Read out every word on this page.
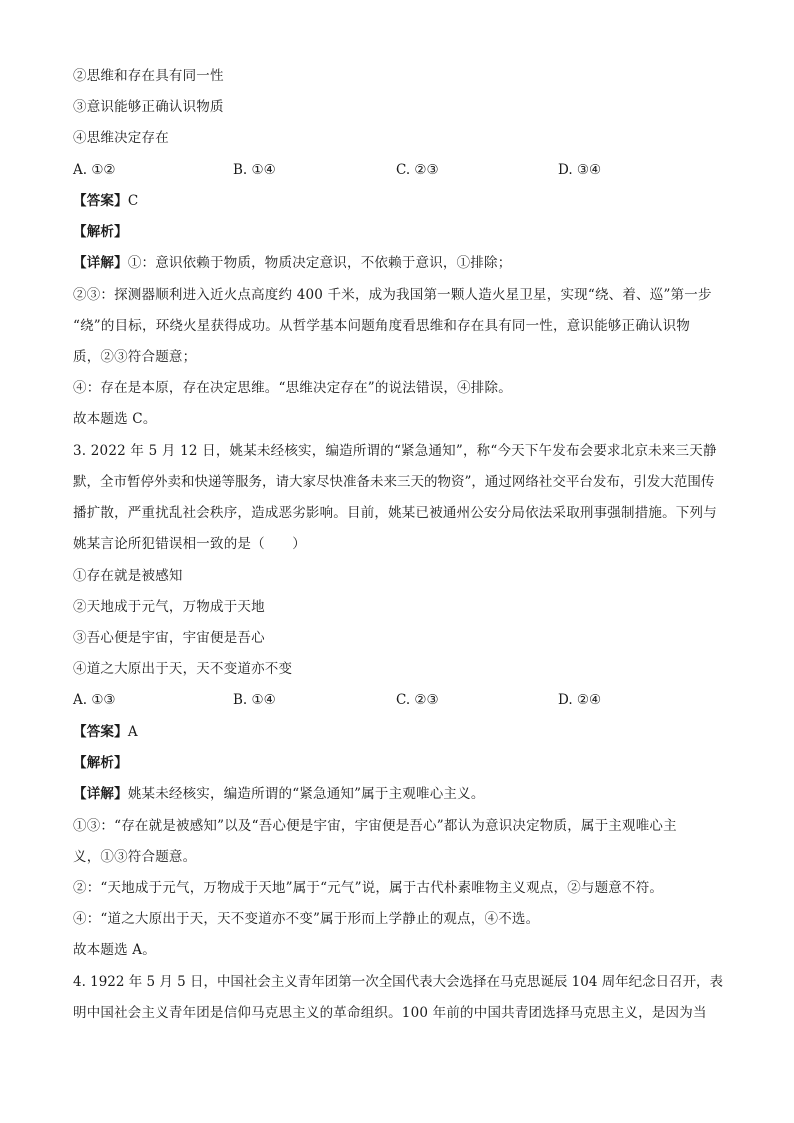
②思维和存在具有同一性
③意识能够正确认识物质
④思维决定存在
A. ①②	B. ①④	C. ②③	D. ③④
【答案】C
【解析】
【详解】①：意识依赖于物质，物质决定意识，不依赖于意识，①排除；
②③：探测器顺利进入近火点高度约 400 千米，成为我国第一颗人造火星卫星，实现“绕、着、巡”第一步
“绕”的目标，环绕火星获得成功。从哲学基本问题角度看思维和存在具有同一性，意识能够正确认识物
质，②③符合题意；
④：存在是本原，存在决定思维。“思维决定存在”的说法错误，④排除。
故本题选 C。
3. 2022 年 5 月 12 日，姚某未经核实，编造所谓的“紧急通知”，称“今天下午发布会要求北京未来三天静
默，全市暂停外卖和快递等服务，请大家尽快准备未来三天的物资”，通过网络社交平台发布，引发大范围传
播扩散，严重扰乱社会秩序，造成恶劣影响。目前，姚某已被通州公安分局依法采取刑事强制措施。下列与
姚某言论所犯错误相一致的是（　　）
①存在就是被感知
②天地成于元气，万物成于天地
③吾心便是宇宙，宇宙便是吾心
④道之大原出于天，天不变道亦不变
A. ①③	B. ①④	C. ②③	D. ②④
【答案】A
【解析】
【详解】姚某未经核实，编造所谓的“紧急通知”属于主观唯心主义。
①③：“存在就是被感知”以及“吾心便是宇宙，宇宙便是吾心”都认为意识决定物质，属于主观唯心主
义，①③符合题意。
②：“天地成于元气，万物成于天地”属于“元气”说，属于古代朴素唯物主义观点，②与题意不符。
④：“道之大原出于天，天不变道亦不变”属于形而上学静止的观点，④不选。
故本题选 A。
4. 1922 年 5 月 5 日，中国社会主义青年团第一次全国代表大会选择在马克思诞辰 104 周年纪念日召开，表
明中国社会主义青年团是信仰马克思主义的革命组织。100 年前的中国共青团选择马克思主义，是因为当
